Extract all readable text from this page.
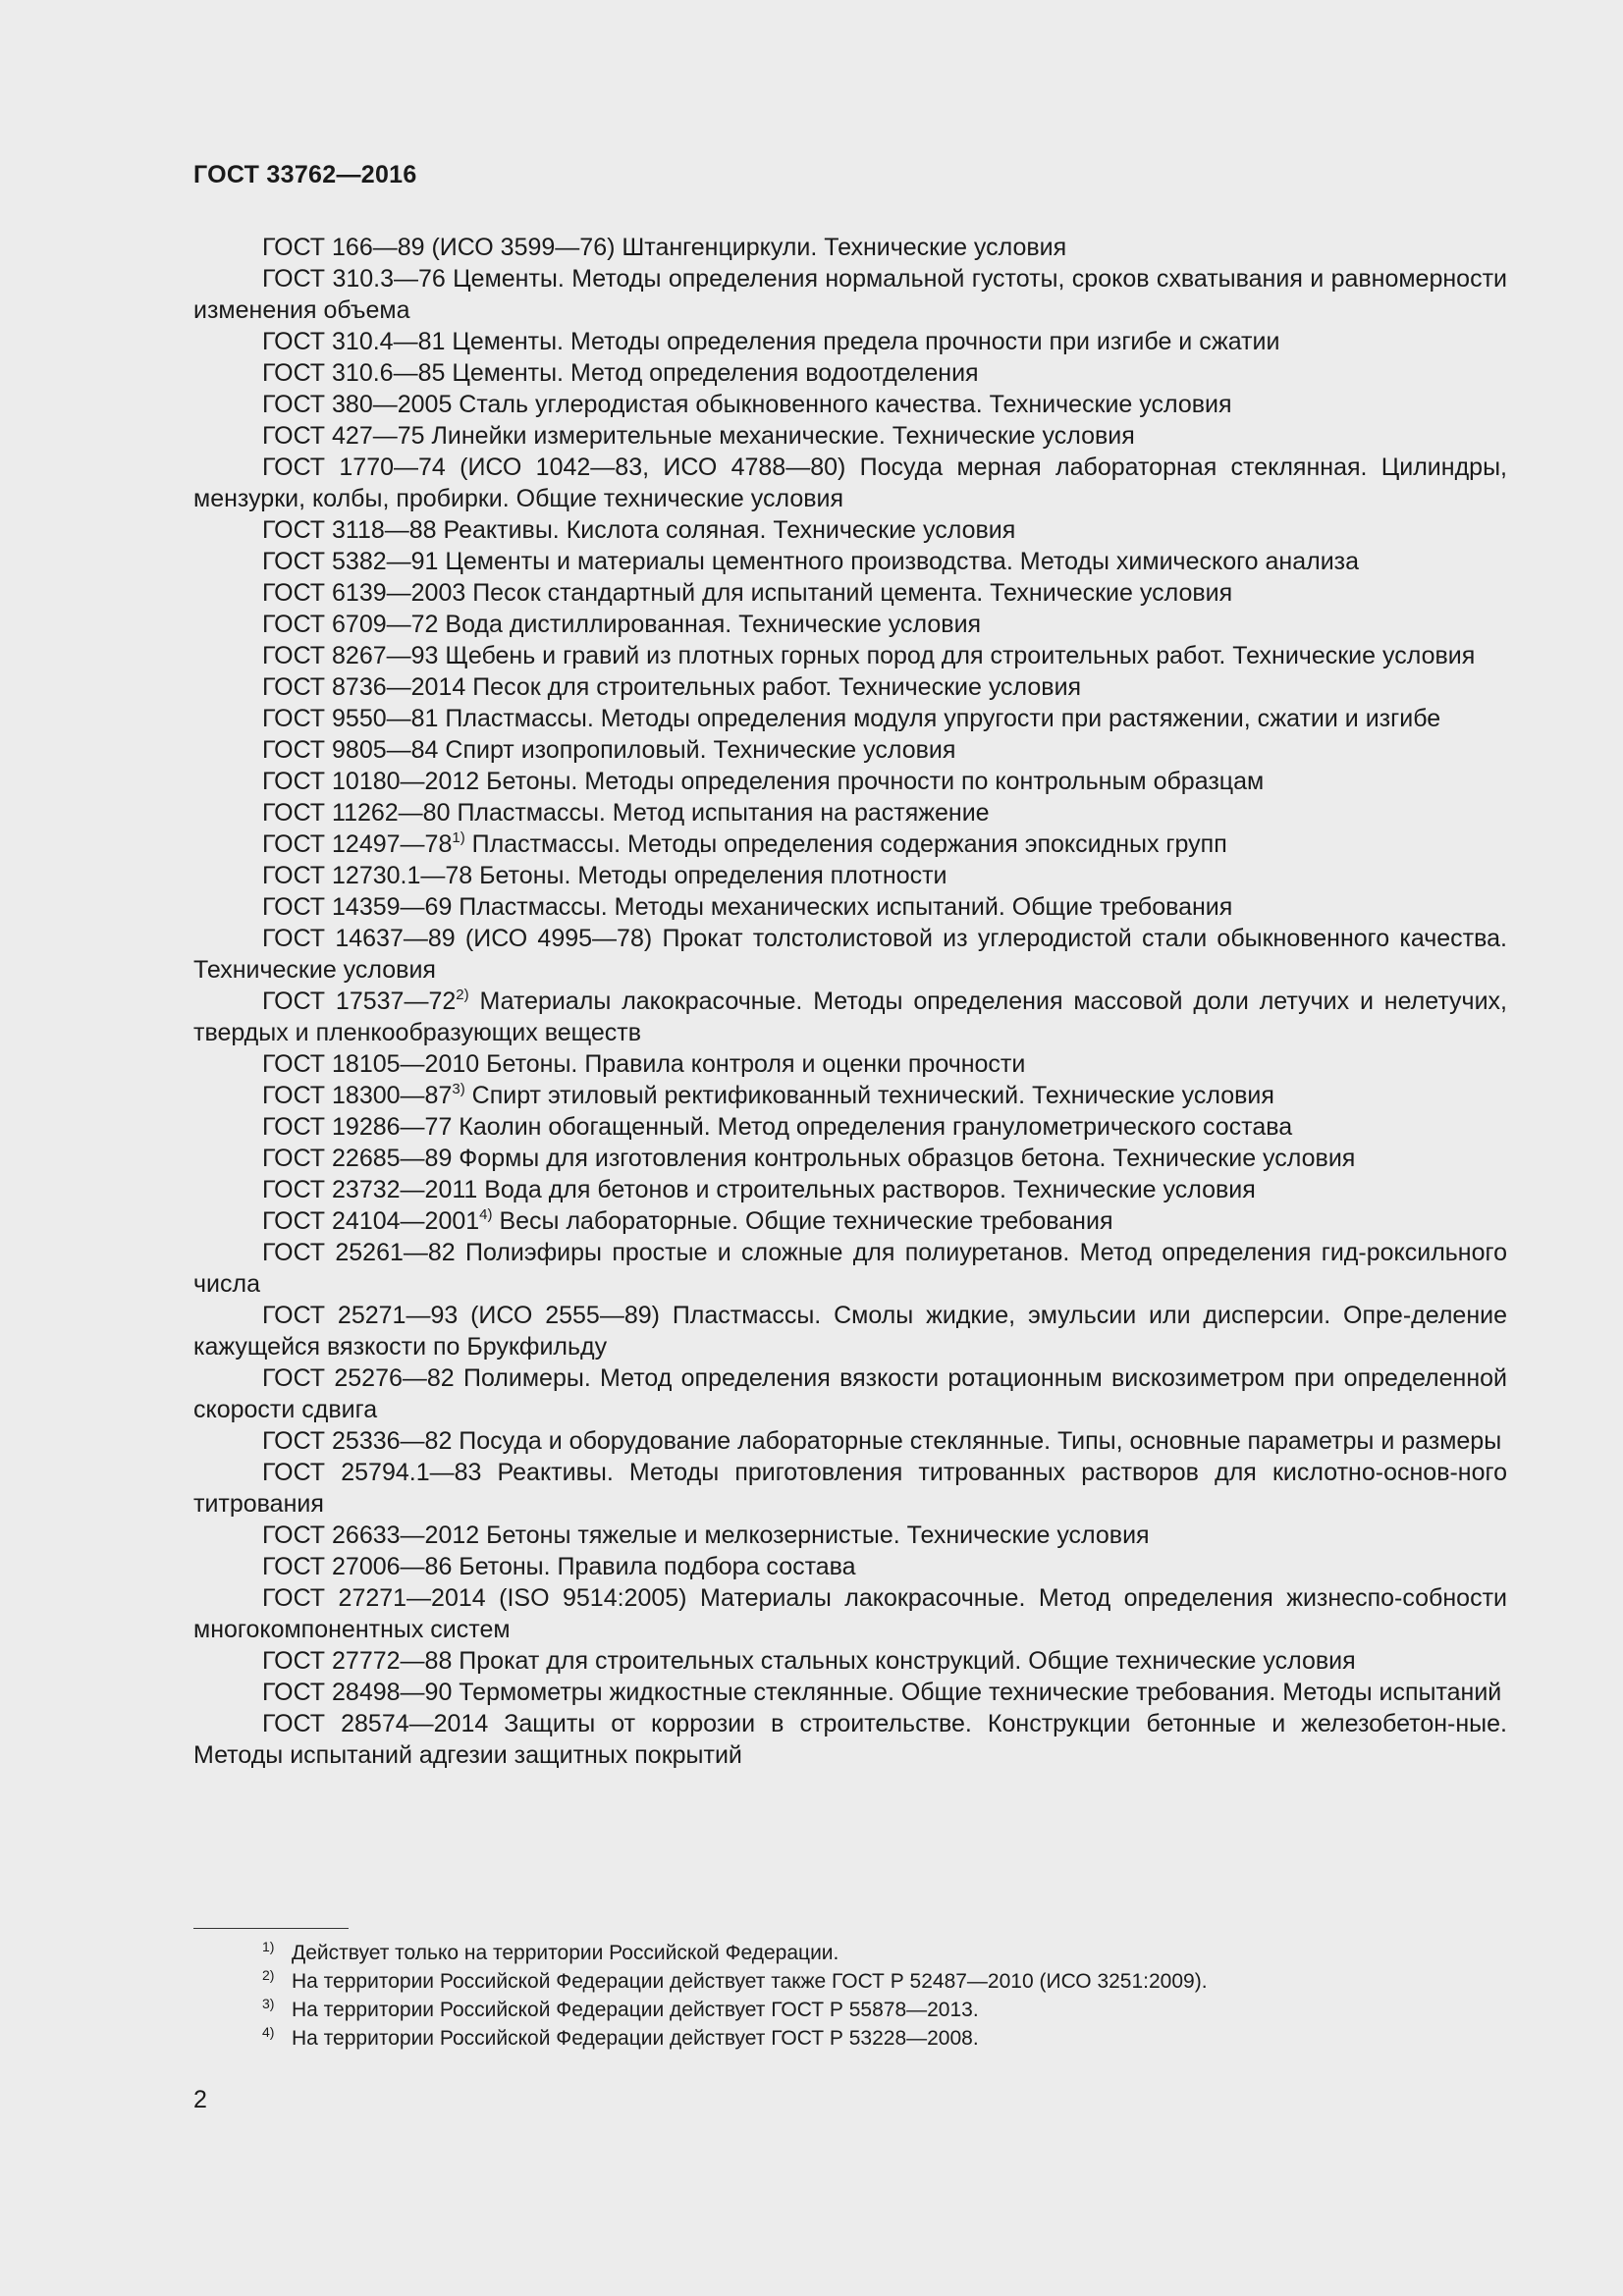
ГОСТ 33762—2016

ГОСТ 166—89 (ИСО 3599—76) Штангенциркули. Технические условия

ГОСТ 310.3—76 Цементы. Методы определения нормальной густоты, сроков схватывания и равномерности изменения объема

ГОСТ 310.4—81 Цементы. Методы определения предела прочности при изгибе и сжатии

ГОСТ 310.6—85 Цементы. Метод определения водоотделения

ГОСТ 380—2005 Сталь углеродистая обыкновенного качества. Технические условия

ГОСТ 427—75 Линейки измерительные механические. Технические условия

ГОСТ 1770—74 (ИСО 1042—83, ИСО 4788—80) Посуда мерная лабораторная стеклянная. Цилиндры, мензурки, колбы, пробирки. Общие технические условия

ГОСТ 3118—88 Реактивы. Кислота соляная. Технические условия

ГОСТ 5382—91 Цементы и материалы цементного производства. Методы химического анализа

ГОСТ 6139—2003 Песок стандартный для испытаний цемента. Технические условия

ГОСТ 6709—72 Вода дистиллированная. Технические условия

ГОСТ 8267—93 Щебень и гравий из плотных горных пород для строительных работ. Технические условия

ГОСТ 8736—2014 Песок для строительных работ. Технические условия

ГОСТ 9550—81 Пластмассы. Методы определения модуля упругости при растяжении, сжатии и изгибе

ГОСТ 9805—84 Спирт изопропиловый. Технические условия

ГОСТ 10180—2012 Бетоны. Методы определения прочности по контрольным образцам

ГОСТ 11262—80 Пластмассы. Метод испытания на растяжение

ГОСТ 12497—78$^{1)}$ Пластмассы. Методы определения содержания эпоксидных групп

ГОСТ 12730.1—78 Бетоны. Методы определения плотности

ГОСТ 14359—69 Пластмассы. Методы механических испытаний. Общие требования

ГОСТ 14637—89 (ИСО 4995—78) Прокат толстолистовой из углеродистой стали обыкновенного качества. Технические условия

ГОСТ 17537—72$^{2)}$ Материалы лакокрасочные. Методы определения массовой доли летучих и нелетучих, твердых и пленкообразующих веществ

ГОСТ 18105—2010 Бетоны. Правила контроля и оценки прочности

ГОСТ 18300—87$^{3)}$ Спирт этиловый ректификованный технический. Технические условия

ГОСТ 19286—77 Каолин обогащенный. Метод определения гранулометрического состава

ГОСТ 22685—89 Формы для изготовления контрольных образцов бетона. Технические условия

ГОСТ 23732—2011 Вода для бетонов и строительных растворов. Технические условия

ГОСТ 24104—2001$^{4)}$ Весы лабораторные. Общие технические требования

ГОСТ 25261—82 Полиэфиры простые и сложные для полиуретанов. Метод определения гид-роксильного числа

ГОСТ 25271—93 (ИСО 2555—89) Пластмассы. Смолы жидкие, эмульсии или дисперсии. Опре-деление кажущейся вязкости по Брукфильду

ГОСТ 25276—82 Полимеры. Метод определения вязкости ротационным вискозиметром при определенной скорости сдвига

ГОСТ 25336—82 Посуда и оборудование лабораторные стеклянные. Типы, основные параметры и размеры

ГОСТ 25794.1—83 Реактивы. Методы приготовления титрованных растворов для кислотно-основ-ного титрования

ГОСТ 26633—2012 Бетоны тяжелые и мелкозернистые. Технические условия

ГОСТ 27006—86 Бетоны. Правила подбора состава

ГОСТ 27271—2014 (ISO 9514:2005) Материалы лакокрасочные. Метод определения жизнеспо-собности многокомпонентных систем

ГОСТ 27772—88 Прокат для строительных стальных конструкций. Общие технические условия

ГОСТ 28498—90 Термометры жидкостные стеклянные. Общие технические требования. Методы испытаний

ГОСТ 28574—2014 Защиты от коррозии в строительстве. Конструкции бетонные и железобетон-ные. Методы испытаний адгезии защитных покрытий

1) Действует только на территории Российской Федерации.

2) На территории Российской Федерации действует также ГОСТ Р 52487—2010 (ИСО 3251:2009).

3) На территории Российской Федерации действует ГОСТ Р 55878—2013.

4) На территории Российской Федерации действует ГОСТ Р 53228—2008.

2
